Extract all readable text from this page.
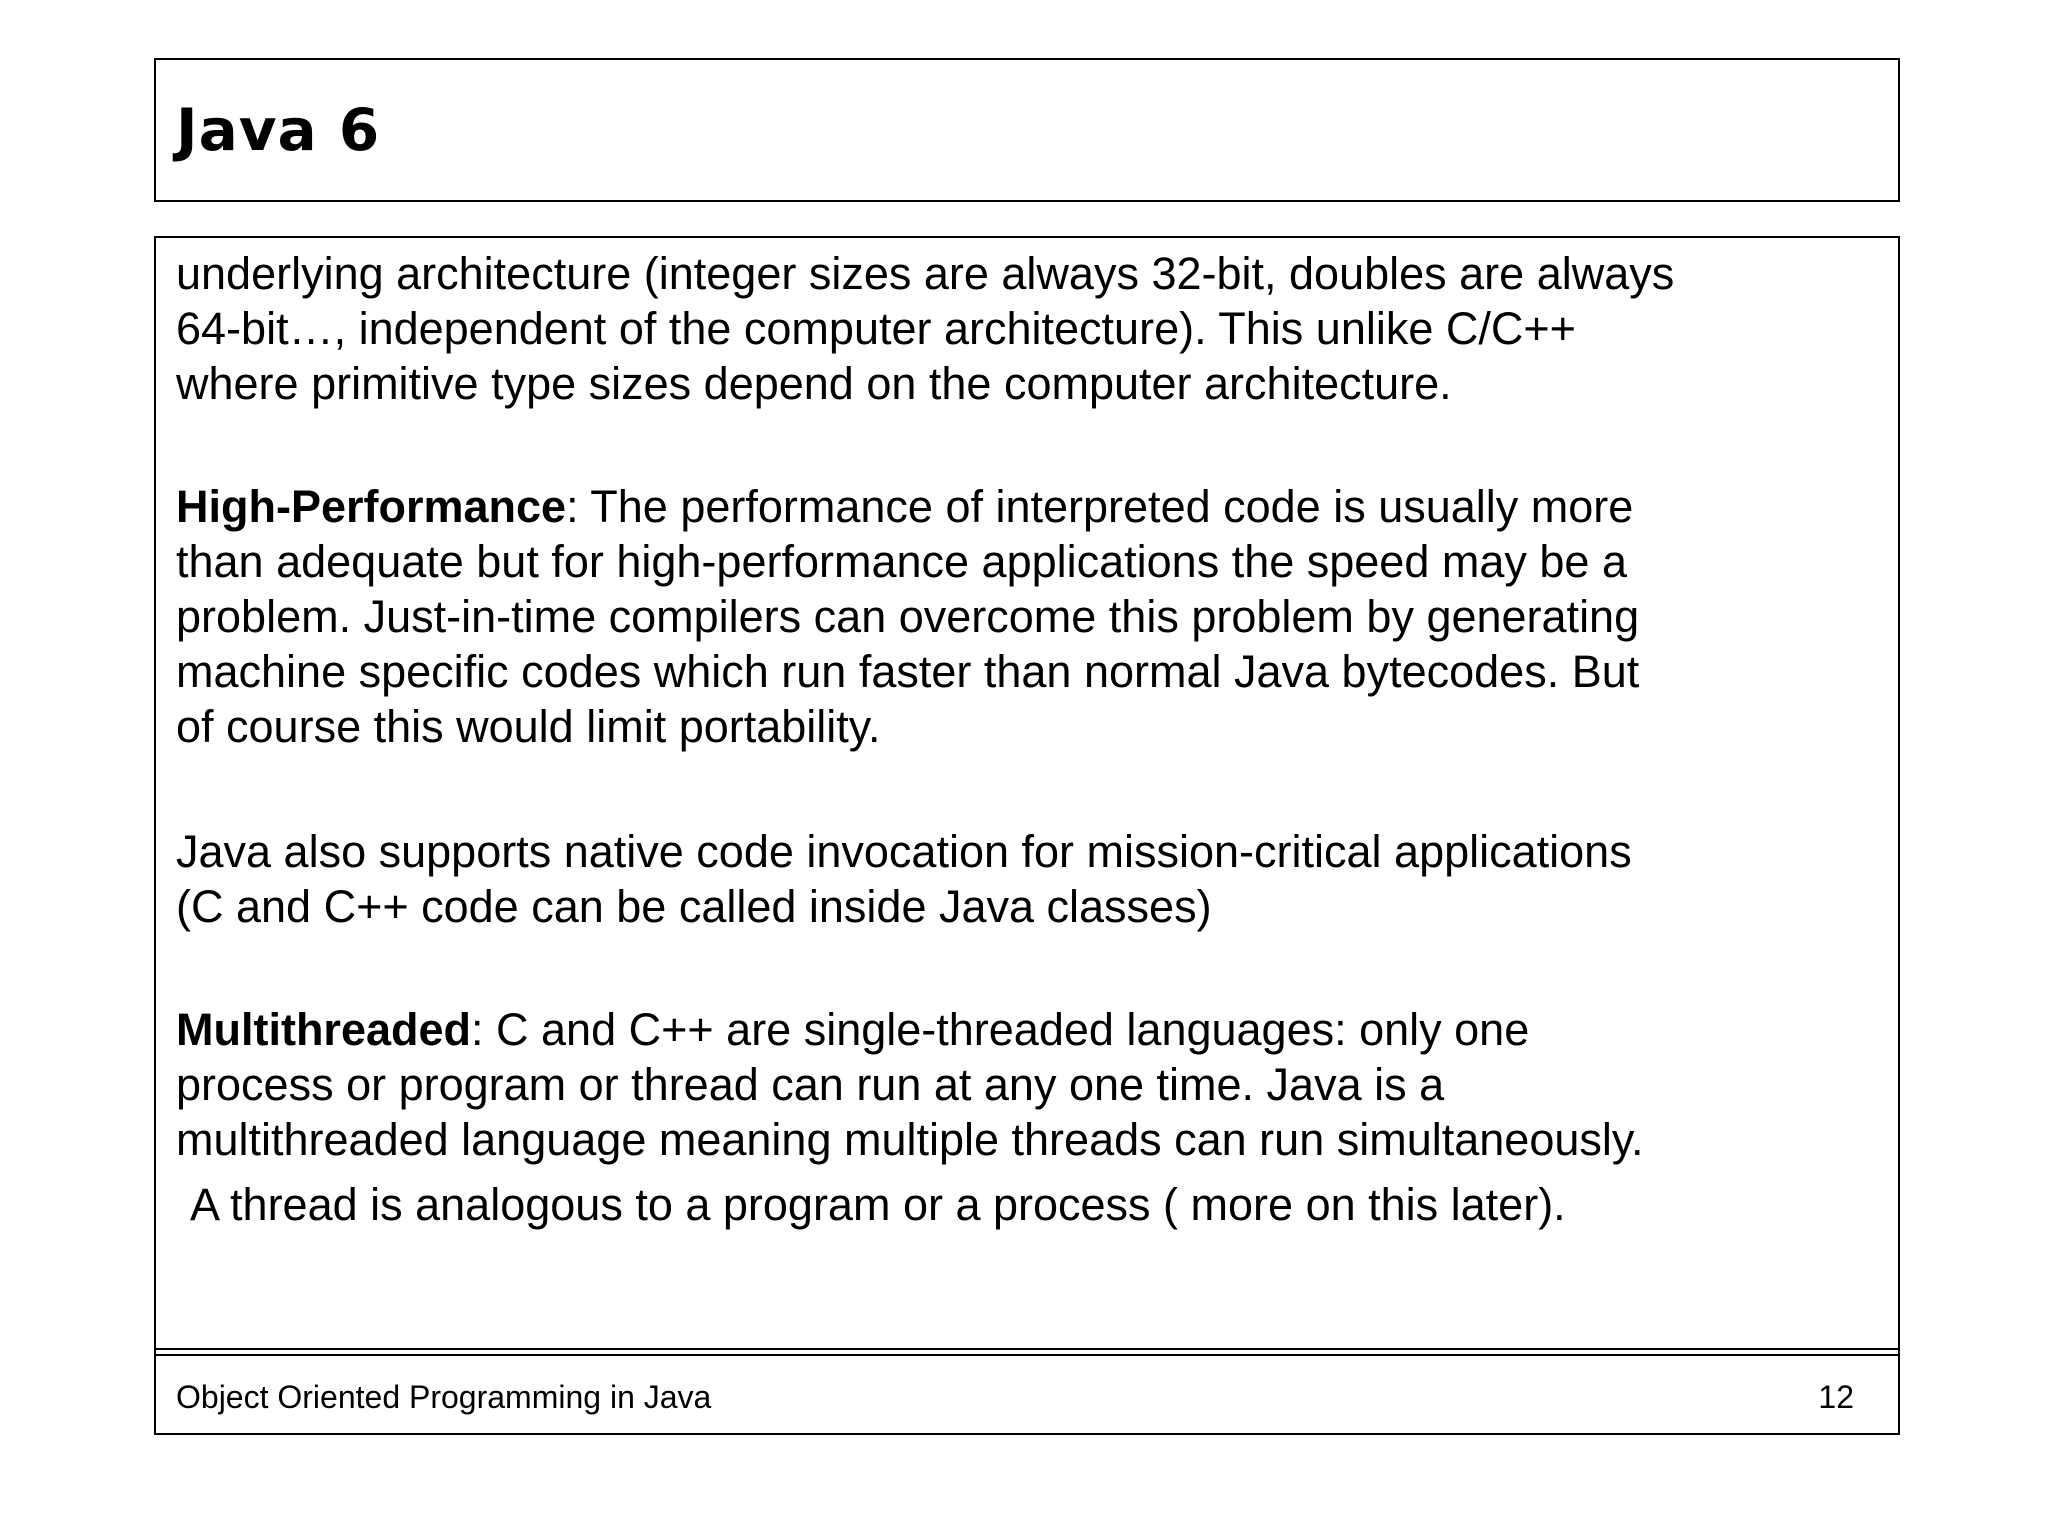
Java 6

underlying architecture (integer sizes are always 32-bit, doubles are always
64-bit…, independent of the computer architecture). This unlike C/C++
where primitive type sizes depend on the computer architecture.

High-Performance: The performance of interpreted code is usually more
than adequate but for high-performance applications the speed may be a
problem. Just-in-time compilers can overcome this problem by generating
machine specific codes which run faster than normal Java bytecodes. But
of course this would limit portability.

Java also supports native code invocation for mission-critical applications
(C and C++ code can be called inside Java classes)

Multithreaded: C and C++ are single-threaded languages: only one
process or program or thread can run at any one time. Java is a
multithreaded language meaning multiple threads can run simultaneously.

A thread is analogous to a program or a process ( more on this later).

Object Oriented Programming in Java	12
